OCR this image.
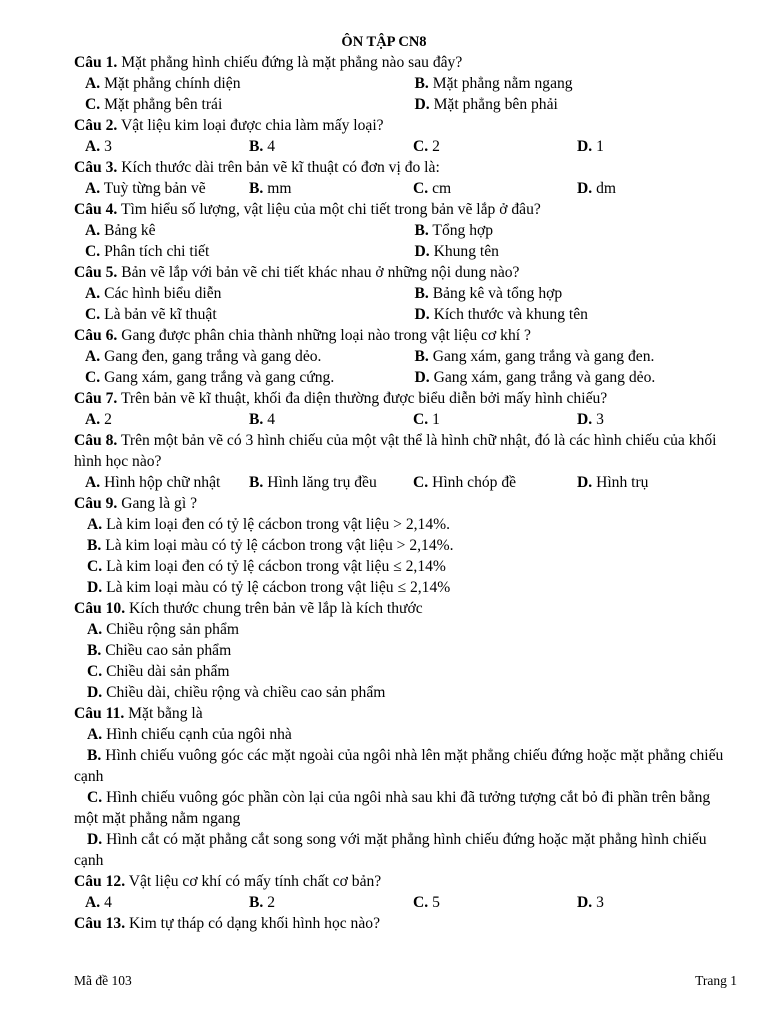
ÔN TẬP CN8
Câu 1. Mặt phẳng hình chiếu đứng là mặt phẳng nào sau đây?
A. Mặt phẳng chính diện	B. Mặt phẳng nằm ngang
C. Mặt phẳng bên trái	D. Mặt phẳng bên phải
Câu 2. Vật liệu kim loại được chia làm mấy loại?
A. 3	B. 4	C. 2	D. 1
Câu 3. Kích thước dài trên bản vẽ kĩ thuật có đơn vị đo là:
A. Tuỳ từng bản vẽ	B. mm	C. cm	D. dm
Câu 4. Tìm hiểu số lượng, vật liệu của một chi tiết trong bản vẽ lắp ở đâu?
A. Bảng kê	B. Tổng hợp
C. Phân tích chi tiết	D. Khung tên
Câu 5. Bản vẽ lắp với bản vẽ chi tiết khác nhau ở những nội dung nào?
A. Các hình biểu diễn	B. Bảng kê và tổng hợp
C. Là bản vẽ kĩ thuật	D. Kích thước và khung tên
Câu 6. Gang được phân chia thành những loại nào trong vật liệu cơ khí ?
A. Gang đen, gang trắng và gang dẻo.	B. Gang xám, gang trắng và gang đen.
C. Gang xám, gang trắng và gang cứng.	D. Gang xám, gang trắng và gang dẻo.
Câu 7. Trên bản vẽ kĩ thuật, khối đa diện thường được biểu diễn bởi mấy hình chiếu?
A. 2	B. 4	C. 1	D. 3
Câu 8. Trên một bản vẽ có 3 hình chiếu của một vật thể là hình chữ nhật, đó là các hình chiếu của khối hình học nào?
A. Hình hộp chữ nhật	B. Hình lăng trụ đều	C. Hình chóp đề	D. Hình trụ
Câu 9. Gang là gì ?
A. Là kim loại đen có tỷ lệ cácbon trong vật liệu > 2,14%.
B. Là kim loại màu có tỷ lệ cácbon trong vật liệu > 2,14%.
C. Là kim loại đen có tỷ lệ cácbon trong vật liệu ≤ 2,14%
D. Là kim loại màu có tỷ lệ cácbon trong vật liệu ≤ 2,14%
Câu 10. Kích thước chung trên bản vẽ lắp là kích thước
A. Chiều rộng sản phẩm
B. Chiều cao sản phẩm
C. Chiều dài sản phẩm
D. Chiều dài, chiều rộng và chiều cao sản phẩm
Câu 11. Mặt bằng là
A. Hình chiếu cạnh của ngôi nhà
B. Hình chiếu vuông góc các mặt ngoài của ngôi nhà lên mặt phẳng chiếu đứng hoặc mặt phẳng chiếu cạnh
C. Hình chiếu vuông góc phần còn lại của ngôi nhà sau khi đã tưởng tượng cắt bỏ đi phần trên bằng một mặt phẳng nằm ngang
D. Hình cắt có mặt phẳng cắt song song với mặt phẳng hình chiếu đứng hoặc mặt phẳng hình chiếu cạnh
Câu 12. Vật liệu cơ khí có mấy tính chất cơ bản?
A. 4	B. 2	C. 5	D. 3
Câu 13. Kim tự tháp có dạng khối hình học nào?
Mã đề 103	Trang 1
